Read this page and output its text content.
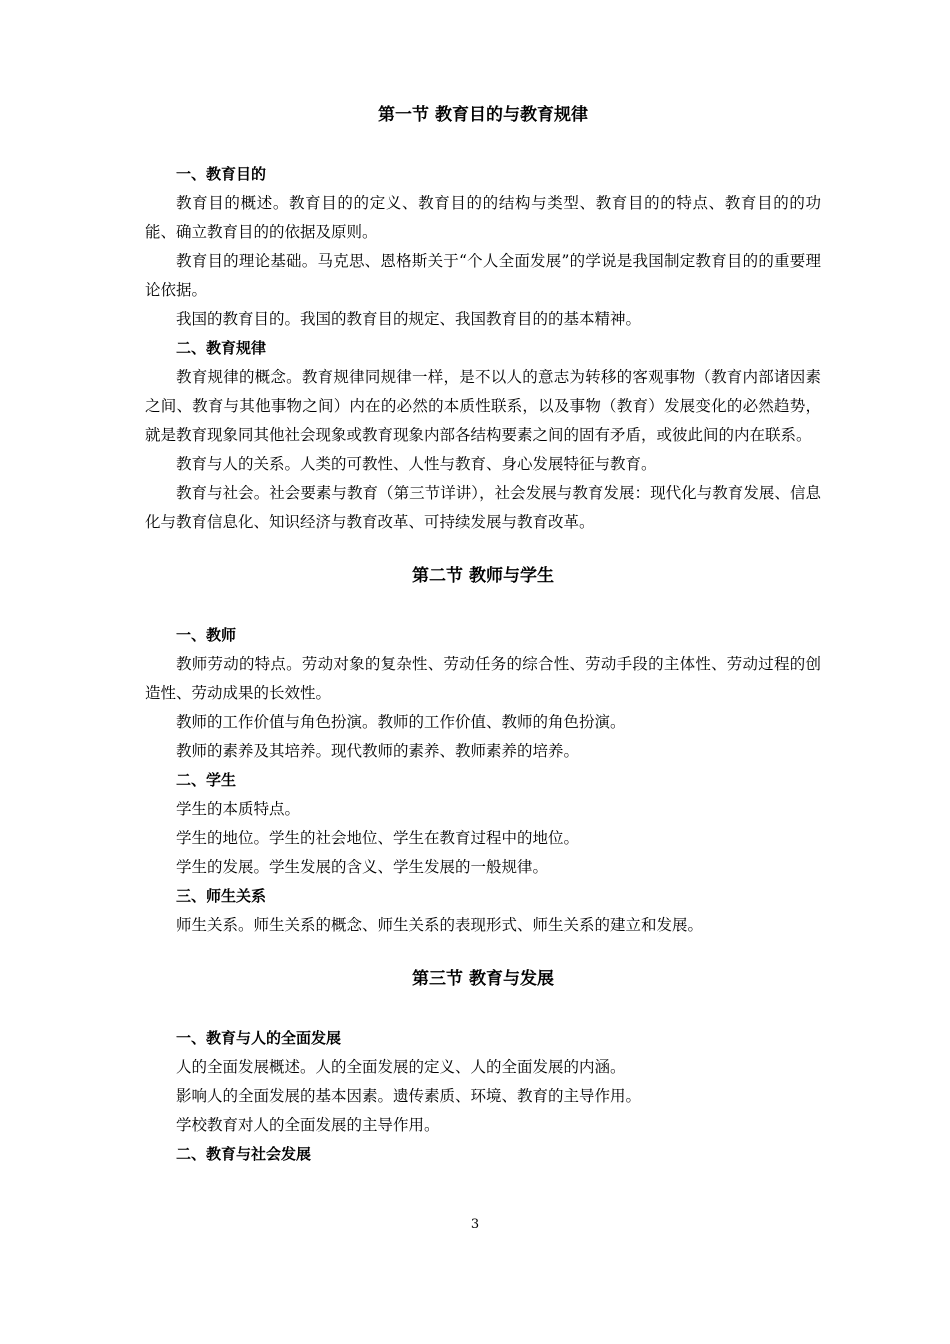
第一节 教育目的与教育规律
一、教育目的

教育目的概述。教育目的的定义、教育目的的结构与类型、教育目的的特点、教育目的的功能、确立教育目的的依据及原则。

教育目的理论基础。马克思、恩格斯关于“个人全面发展”的学说是我国制定教育目的的重要理论依据。

我国的教育目的。我国的教育目的规定、我国教育目的的基本精神。

二、教育规律

教育规律的概念。教育规律同规律一样，是不以人的意志为转移的客观事物（教育内部诸因素之间、教育与其他事物之间）内在的必然的本质性联系，以及事物（教育）发展变化的必然趋势，就是教育现象同其他社会现象或教育现象内部各结构要素之间的固有矛盾，或彼此间的内在联系。

教育与人的关系。人类的可教性、人性与教育、身心发展特征与教育。

教育与社会。社会要素与教育（第三节详讲），社会发展与教育发展：现代化与教育发展、信息化与教育信息化、知识经济与教育改革、可持续发展与教育改革。

第二节 教师与学生
一、教师

教师劳动的特点。劳动对象的复杂性、劳动任务的综合性、劳动手段的主体性、劳动过程的创造性、劳动成果的长效性。

教师的工作价值与角色扮演。教师的工作价值、教师的角色扮演。

教师的素养及其培养。现代教师的素养、教师素养的培养。

二、学生

学生的本质特点。

学生的地位。学生的社会地位、学生在教育过程中的地位。

学生的发展。学生发展的含义、学生发展的一般规律。

三、师生关系

师生关系。师生关系的概念、师生关系的表现形式、师生关系的建立和发展。

第三节 教育与发展
一、教育与人的全面发展

人的全面发展概述。人的全面发展的定义、人的全面发展的内涵。

影响人的全面发展的基本因素。遗传素质、环境、教育的主导作用。

学校教育对人的全面发展的主导作用。

二、教育与社会发展
3
